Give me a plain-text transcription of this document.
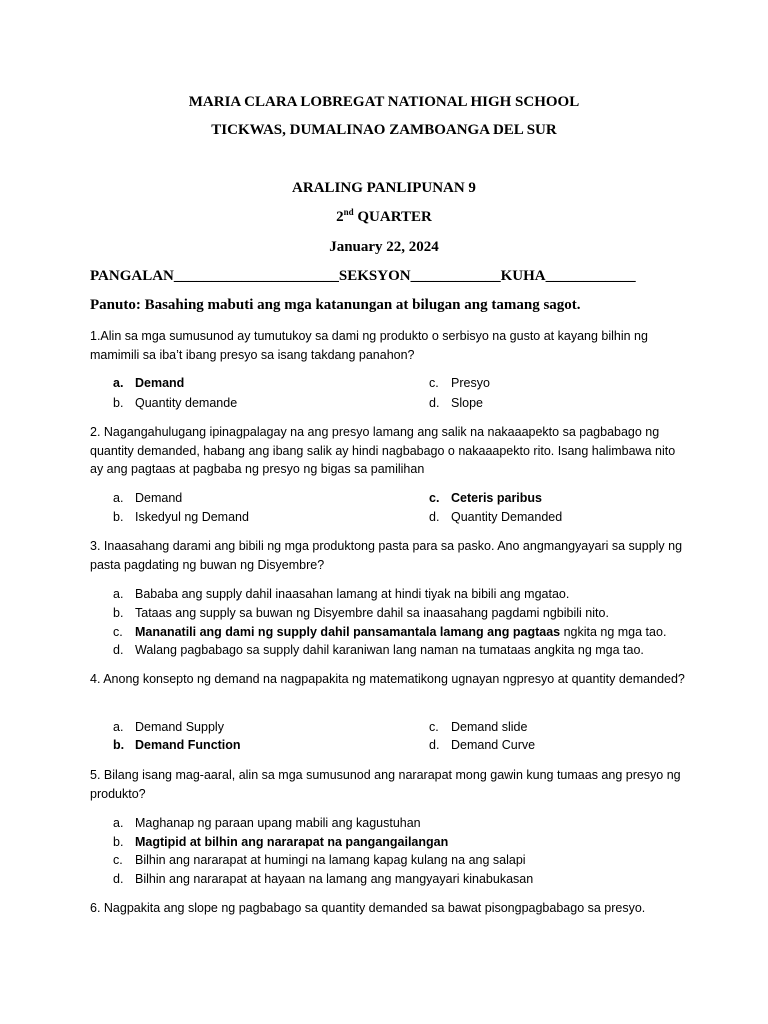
MARIA CLARA LOBREGAT NATIONAL HIGH SCHOOL
TICKWAS, DUMALINAO ZAMBOANGA DEL SUR
ARALING PANLIPUNAN 9
2nd QUARTER
January 22, 2024
PANGALAN______________________SEKSYON____________KUHA____________
Panuto: Basahing mabuti ang mga katanungan at bilugan ang tamang sagot.
1.Alin sa mga sumusunod ay tumutukoy sa dami ng produkto o serbisyo na gusto at kayang bilhin ng mamimili sa iba’t ibang presyo sa isang takdang panahon?
a. Demand
b. Quantity demande
c. Presyo
d. Slope
2. Nagangahulugang ipinagpalagay na ang presyo lamang ang salik na nakaaapekto sa pagbabago ng quantity demanded, habang ang ibang salik ay hindi nagbabago o nakaaapekto rito. Isang halimbawa nito ay ang pagtaas at pagbaba ng presyo ng bigas sa pamilihan
a. Demand
b. Iskedyul ng Demand
c. Ceteris paribus
d. Quantity Demanded
3. Inaasahang darami ang bibili ng mga produktong pasta para sa pasko. Ano angmangyayari sa supply ng pasta pagdating ng buwan ng Disyembre?
a. Bababa ang supply dahil inaasahan lamang at hindi tiyak na bibili ang mgatao.
b. Tataas ang supply sa buwan ng Disyembre dahil sa inaasahang pagdami ngbibili nito.
c. Mananatili ang dami ng supply dahil pansamantala lamang ang pagtaas ngkita ng mga tao.
d. Walang pagbabago sa supply dahil karaniwan lang naman na tumataas angkita ng mga tao.
4. Anong konsepto ng demand na nagpapakita ng matematikong ugnayan ngpresyo at quantity demanded?
a. Demand Supply
b. Demand Function
c. Demand slide
d. Demand Curve
5. Bilang isang mag-aaral, alin sa mga sumusunod ang nararapat mong gawin kung tumaas ang presyo ng produkto?
a. Maghanap ng paraan upang mabili ang kagustuhan
b. Magtipid at bilhin ang nararapat na pangangailangan
c. Bilhin ang nararapat at humingi na lamang kapag kulang na ang salapi
d. Bilhin ang nararapat at hayaan na lamang ang mangyayari kinabukasan
6. Nagpakita ang slope ng pagbabago sa quantity demanded sa bawat pisongpagbabago sa presyo.
